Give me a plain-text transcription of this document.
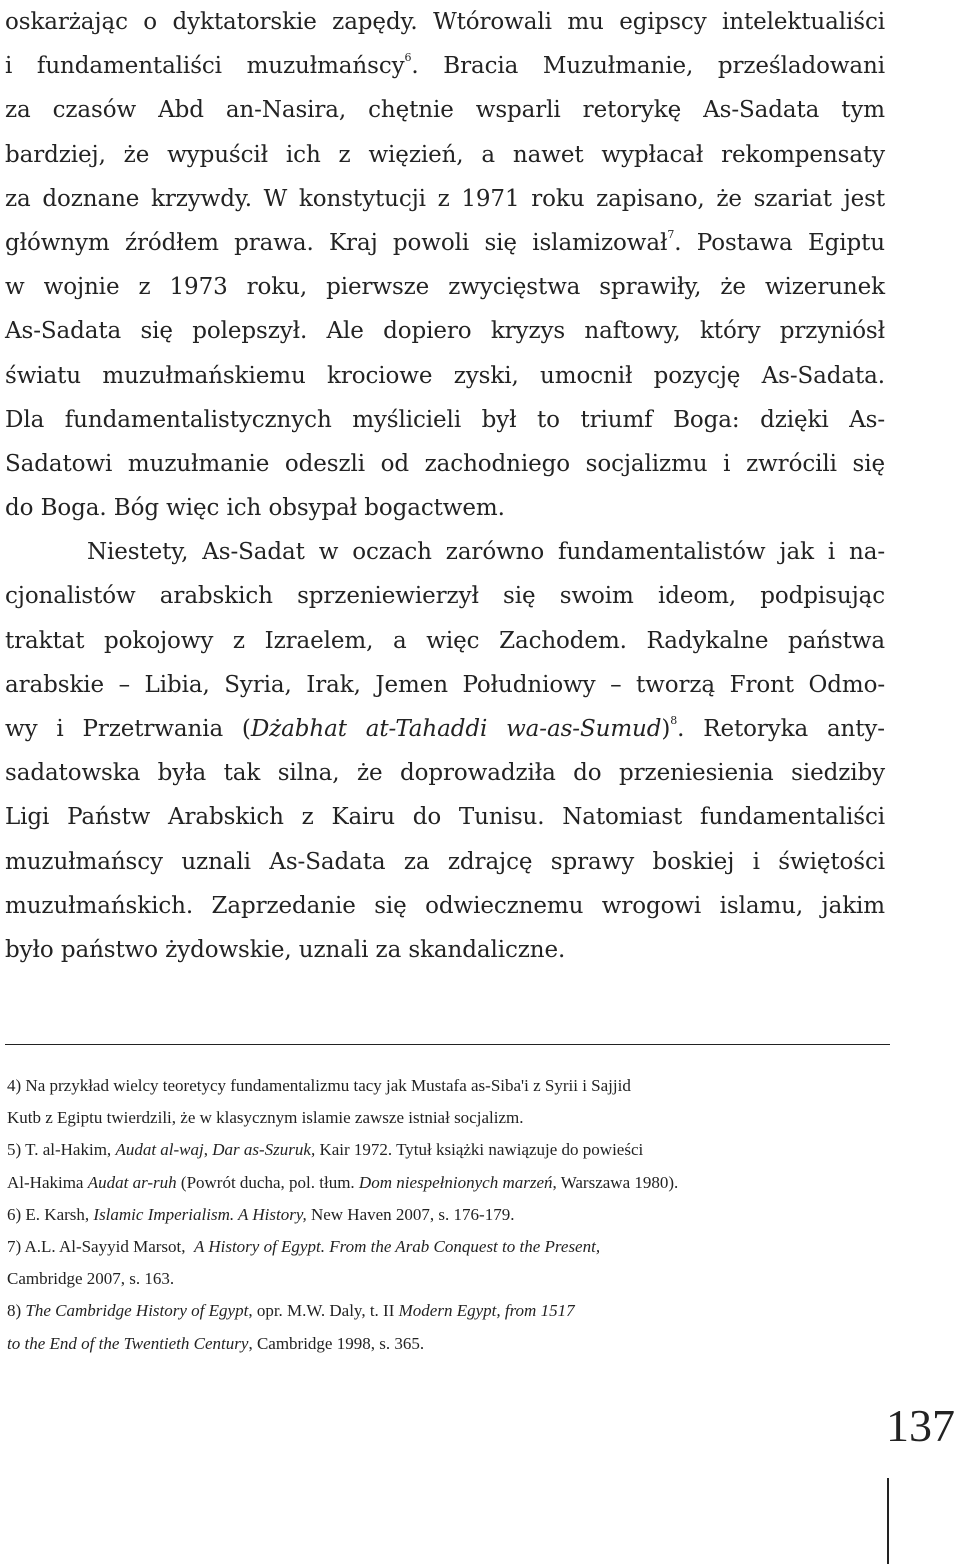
oskarżając o dyktatorskie zapędy. Wtórowali mu egipscy intelektualiści
i fundamentaliści muzułmańscy$^6$. Bracia Muzułmanie, prześladowani
za czasów Abd an-Nasira, chętnie wsparli retorykę As-Sadata tym
bardziej, że wypuścił ich z więzień, a nawet wypłacał rekompensaty
za doznane krzywdy. W konstytucji z 1971 roku zapisano, że szariat jest
głównym źródłem prawa. Kraj powoli się islamizował$^7$. Postawa Egiptu
w wojnie z 1973 roku, pierwsze zwycięstwa sprawiły, że wizerunek
As-Sadata się polepszył. Ale dopiero kryzys naftowy, który przyniósł
światu muzułmańskiemu krociowe zyski, umocnił pozycję As-Sadata.
Dla fundamentalistycznych myślicieli był to triumf Boga: dzięki As-
Sadatowi muzułmanie odeszli od zachodniego socjalizmu i zwrócili się
do Boga. Bóg więc ich obsypał bogactwem.
Niestety, As-Sadat w oczach zarówno fundamentalistów jak i na-
cjonalistów arabskich sprzeniewierzył się swoim ideom, podpisując
traktat pokojowy z Izraelem, a więc Zachodem. Radykalne państwa
arabskie – Libia, Syria, Irak, Jemen Południowy – tworzą Front Odmo-
wy i Przetrwania (Dżabhat at-Tahaddi wa-as-Sumud)$^8$. Retoryka anty-
sadatowska była tak silna, że doprowadziła do przeniesienia siedziby
Ligi Państw Arabskich z Kairu do Tunisu. Natomiast fundamentaliści
muzułmańscy uznali As-Sadata za zdrajcę sprawy boskiej i świętości
muzułmańskich. Zaprzedanie się odwiecznemu wrogowi islamu, jakim
było państwo żydowskie, uznali za skandaliczne.
4) Na przykład wielcy teoretycy fundamentalizmu tacy jak Mustafa as-Siba'i z Syrii i Sajjid
Kutb z Egiptu twierdzili, że w klasycznym islamie zawsze istniał socjalizm.
5) T. al-Hakim, Audat al-waj, Dar as-Szuruk, Kair 1972. Tytuł książki nawiązuje do powieści
Al-Hakima Audat ar-ruh (Powrót ducha, pol. tłum. Dom niespełnionych marzeń, Warszawa 1980).
6) E. Karsh, Islamic Imperialism. A History, New Haven 2007, s. 176-179.
7) A.L. Al-Sayyid Marsot,  A History of Egypt. From the Arab Conquest to the Present,
Cambridge 2007, s. 163.
8) The Cambridge History of Egypt, opr. M.W. Daly, t. II Modern Egypt, from 1517
to the End of the Twentieth Century, Cambridge 1998, s. 365.
137
